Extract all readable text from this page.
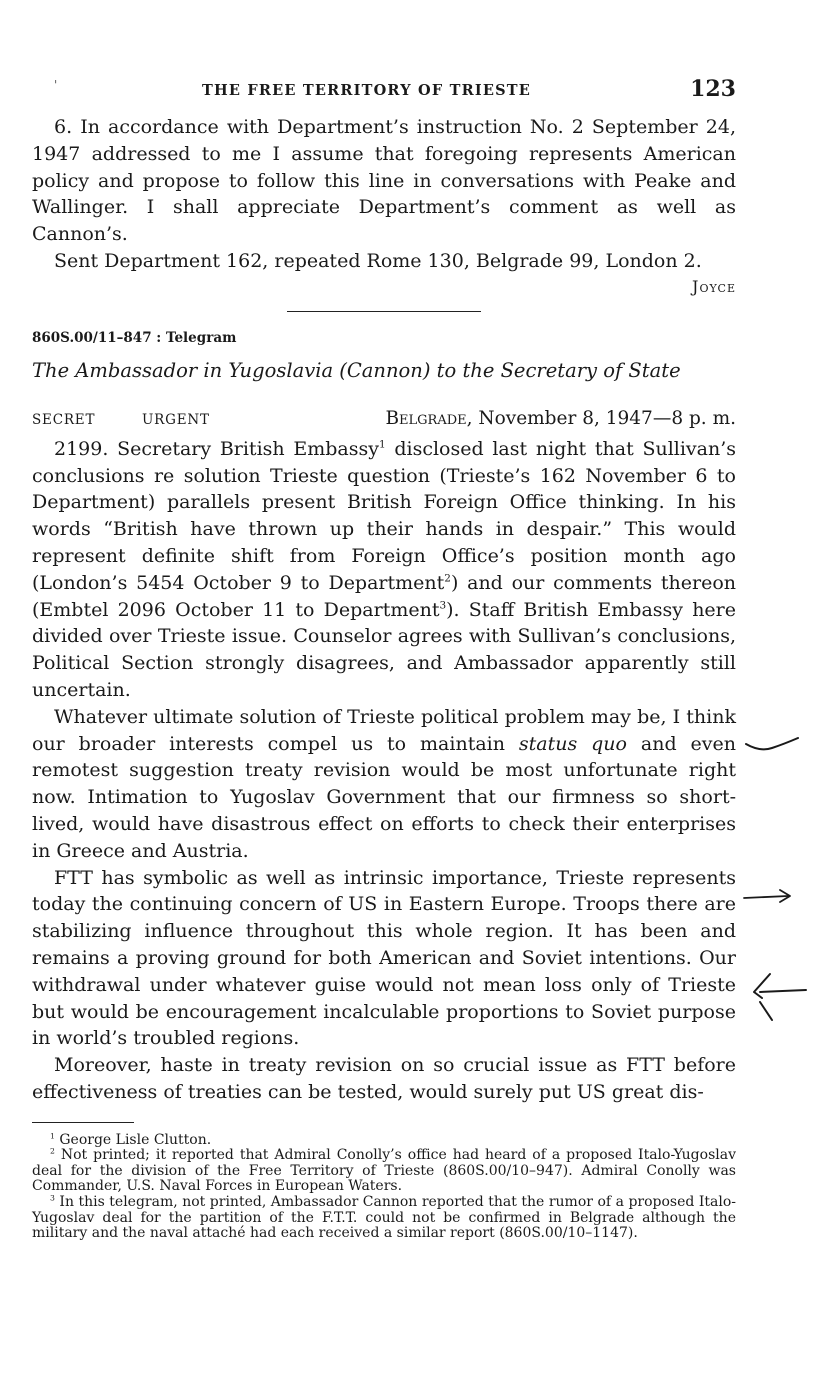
'	THE FREE TERRITORY OF TRIESTE	123

6. In accordance with Department’s instruction No. 2 September 24, 1947 addressed to me I assume that foregoing represents American policy and propose to follow this line in conversations with Peake and Wallinger. I shall appreciate Department’s comment as well as Cannon’s.

Sent Department 162, repeated Rome 130, Belgrade 99, London 2.

Joyce

860S.00/11–847 : Telegram

The Ambassador in Yugoslavia (Cannon) to the Secretary of State

SECRET	URGENT	Belgrade, November 8, 1947—8 p. m.

2199. Secretary British Embassy$^1$ disclosed last night that Sullivan’s conclusions re solution Trieste question (Trieste’s 162 November 6 to Department) parallels present British Foreign Office thinking. In his words “British have thrown up their hands in despair.” This would represent definite shift from Foreign Office’s position month ago (London’s 5454 October 9 to Department$^2$) and our comments thereon (Embtel 2096 October 11 to Department$^3$). Staff British Embassy here divided over Trieste issue. Counselor agrees with Sullivan’s conclusions, Political Section strongly disagrees, and Ambassador apparently still uncertain.

Whatever ultimate solution of Trieste political problem may be, I think our broader interests compel us to maintain status quo and even remotest suggestion treaty revision would be most unfortunate right now. Intimation to Yugoslav Government that our firmness so short-lived, would have disastrous effect on efforts to check their enterprises in Greece and Austria.

FTT has symbolic as well as intrinsic importance, Trieste represents today the continuing concern of US in Eastern Europe. Troops there are stabilizing influence throughout this whole region. It has been and remains a proving ground for both American and Soviet intentions. Our withdrawal under whatever guise would not mean loss only of Trieste but would be encouragement incalculable proportions to Soviet purpose in world’s troubled regions.

Moreover, haste in treaty revision on so crucial issue as FTT before effectiveness of treaties can be tested, would surely put US great dis-

$^1$ George Lisle Clutton.

$^2$ Not printed; it reported that Admiral Conolly’s office had heard of a proposed Italo-Yugoslav deal for the division of the Free Territory of Trieste (860S.00/10–947). Admiral Conolly was Commander, U.S. Naval Forces in European Waters.

$^3$ In this telegram, not printed, Ambassador Cannon reported that the rumor of a proposed Italo-Yugoslav deal for the partition of the F.T.T. could not be confirmed in Belgrade although the military and the naval attaché had each received a similar report (860S.00/10–1147).
